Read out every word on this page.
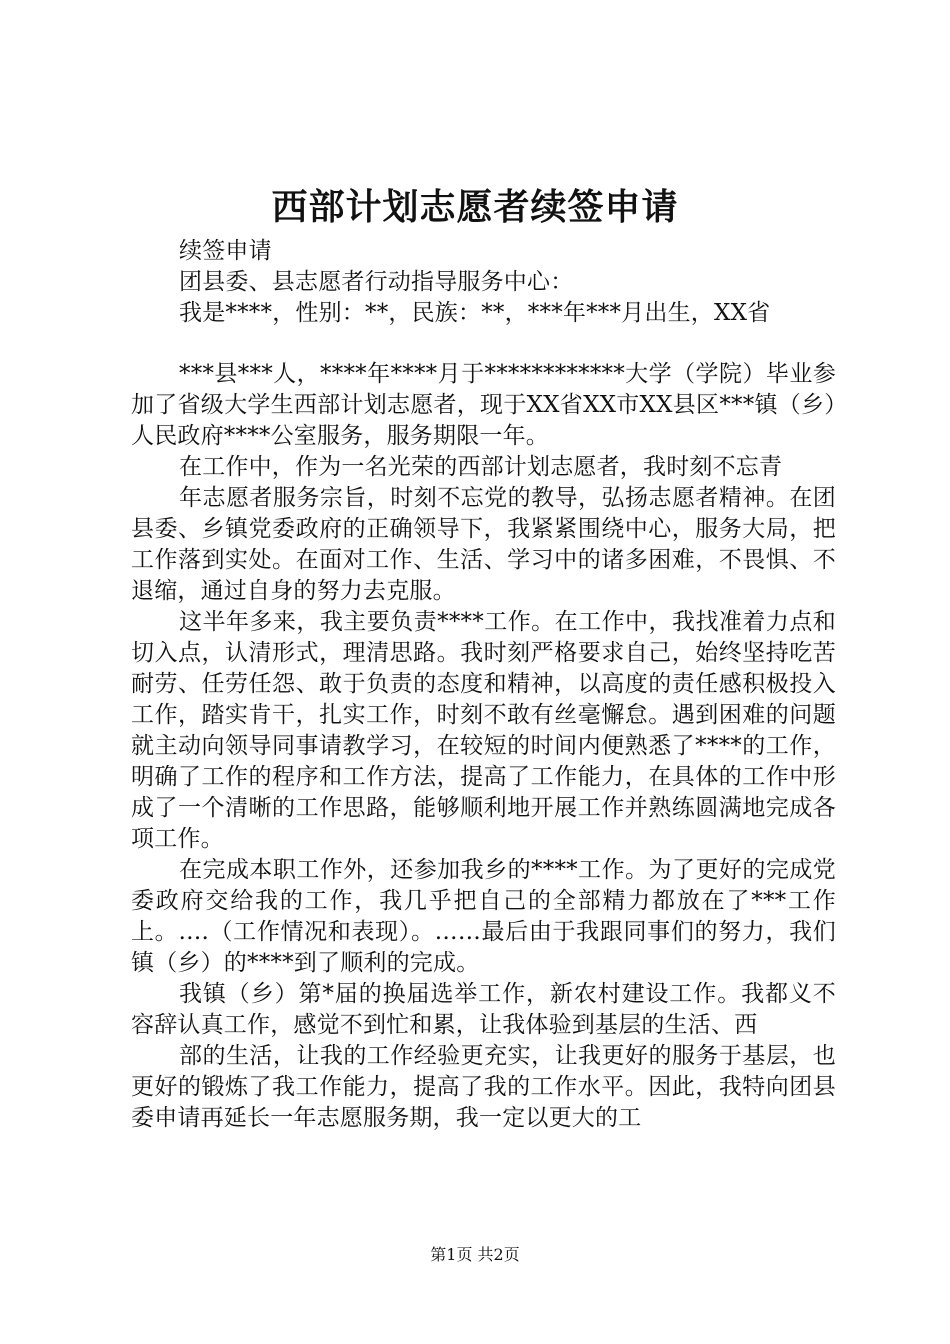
西部计划志愿者续签申请

续签申请

团县委、县志愿者行动指导服务中心：

我是****，性别：**，民族：**，***年***月出生，XX省

***县***人，****年****月于************大学（学院）毕业参加了省级大学生西部计划志愿者，现于XX省XX市XX县区***镇（乡）人民政府****公室服务，服务期限一年。

在工作中，作为一名光荣的西部计划志愿者，我时刻不忘青

年志愿者服务宗旨，时刻不忘党的教导，弘扬志愿者精神。在团县委、乡镇党委政府的正确领导下，我紧紧围绕中心，服务大局，把工作落到实处。在面对工作、生活、学习中的诸多困难，不畏惧、不退缩，通过自身的努力去克服。

这半年多来，我主要负责****工作。在工作中，我找准着力点和切入点，认清形式，理清思路。我时刻严格要求自己，始终坚持吃苦耐劳、任劳任怨、敢于负责的态度和精神，以高度的责任感积极投入工作，踏实肯干，扎实工作，时刻不敢有丝毫懈怠。遇到困难的问题就主动向领导同事请教学习，在较短的时间内便熟悉了****的工作，明确了工作的程序和工作方法，提高了工作能力，在具体的工作中形成了一个清晰的工作思路，能够顺利地开展工作并熟练圆满地完成各项工作。

在完成本职工作外，还参加我乡的****工作。为了更好的完成党委政府交给我的工作，我几乎把自己的全部精力都放在了***工作上。….（工作情况和表现）。……最后由于我跟同事们的努力，我们镇（乡）的****到了顺利的完成。

我镇（乡）第*届的换届选举工作，新农村建设工作。我都义不容辞认真工作，感觉不到忙和累，让我体验到基层的生活、西

部的生活，让我的工作经验更充实，让我更好的服务于基层，也更好的锻炼了我工作能力，提高了我的工作水平。因此，我特向团县委申请再延长一年志愿服务期，我一定以更大的工

第1页 共2页
